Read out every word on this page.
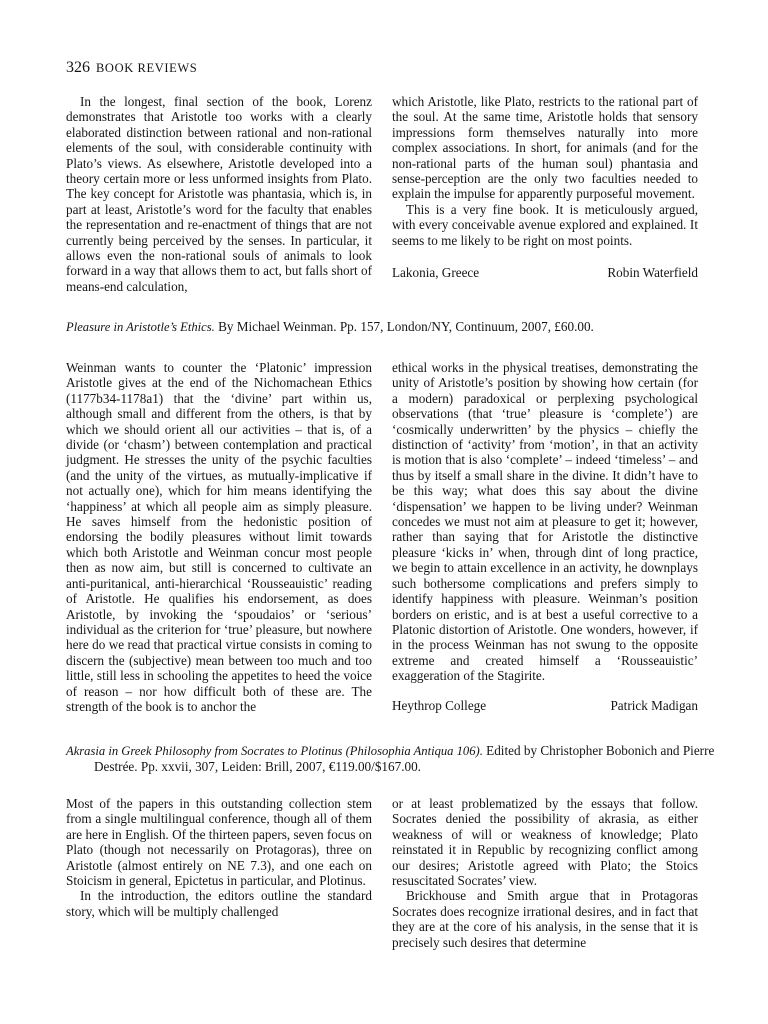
326 BOOK REVIEWS

In the longest, final section of the book, Lorenz demonstrates that Aristotle too works with a clearly elaborated distinction between rational and non-rational elements of the soul, with considerable continuity with Plato’s views. As elsewhere, Aristotle developed into a theory certain more or less unformed insights from Plato. The key concept for Aristotle was phantasia, which is, in part at least, Aristotle’s word for the faculty that enables the representation and re-enactment of things that are not currently being perceived by the senses. In particular, it allows even the non-rational souls of animals to look forward in a way that allows them to act, but falls short of means-end calculation,

which Aristotle, like Plato, restricts to the rational part of the soul. At the same time, Aristotle holds that sensory impressions form themselves naturally into more complex associations. In short, for animals (and for the non-rational parts of the human soul) phantasia and sense-perception are the only two faculties needed to explain the impulse for apparently purposeful movement.

This is a very fine book. It is meticulously argued, with every conceivable avenue explored and explained. It seems to me likely to be right on most points.

Lakonia, Greece	Robin Waterfield
Pleasure in Aristotle’s Ethics. By Michael Weinman. Pp. 157, London/NY, Continuum, 2007, £60.00.

Weinman wants to counter the ‘Platonic’ impression Aristotle gives at the end of the Nichomachean Ethics (1177b34-1178a1) that the ‘divine’ part within us, although small and different from the others, is that by which we should orient all our activities – that is, of a divide (or ‘chasm’) between contemplation and practical judgment. He stresses the unity of the psychic faculties (and the unity of the virtues, as mutually-implicative if not actually one), which for him means identifying the ‘happiness’ at which all people aim as simply pleasure. He saves himself from the hedonistic position of endorsing the bodily pleasures without limit towards which both Aristotle and Weinman concur most people then as now aim, but still is concerned to cultivate an anti-puritanical, anti-hierarchical ‘Rousseauistic’ reading of Aristotle. He qualifies his endorsement, as does Aristotle, by invoking the ‘spoudaios’ or ‘serious’ individual as the criterion for ‘true’ pleasure, but nowhere here do we read that practical virtue consists in coming to discern the (subjective) mean between too much and too little, still less in schooling the appetites to heed the voice of reason – nor how difficult both of these are. The strength of the book is to anchor the

ethical works in the physical treatises, demonstrating the unity of Aristotle’s position by showing how certain (for a modern) paradoxical or perplexing psychological observations (that ‘true’ pleasure is ‘complete’) are ‘cosmically underwritten’ by the physics – chiefly the distinction of ‘activity’ from ‘motion’, in that an activity is motion that is also ‘complete’ – indeed ‘timeless’ – and thus by itself a small share in the divine. It didn’t have to be this way; what does this say about the divine ‘dispensation’ we happen to be living under? Weinman concedes we must not aim at pleasure to get it; however, rather than saying that for Aristotle the distinctive pleasure ‘kicks in’ when, through dint of long practice, we begin to attain excellence in an activity, he downplays such bothersome complications and prefers simply to identify happiness with pleasure. Weinman’s position borders on eristic, and is at best a useful corrective to a Platonic distortion of Aristotle. One wonders, however, if in the process Weinman has not swung to the opposite extreme and created himself a ‘Rousseauistic’ exaggeration of the Stagirite.

Heythrop College	Patrick Madigan
Akrasia in Greek Philosophy from Socrates to Plotinus (Philosophia Antiqua 106). Edited by Christopher Bobonich and Pierre Destrée. Pp. xxvii, 307, Leiden: Brill, 2007, €119.00/$167.00.

Most of the papers in this outstanding collection stem from a single multilingual conference, though all of them are here in English. Of the thirteen papers, seven focus on Plato (though not necessarily on Protagoras), three on Aristotle (almost entirely on NE 7.3), and one each on Stoicism in general, Epictetus in particular, and Plotinus.

In the introduction, the editors outline the standard story, which will be multiply challenged

or at least problematized by the essays that follow. Socrates denied the possibility of akrasia, as either weakness of will or weakness of knowledge; Plato reinstated it in Republic by recognizing conflict among our desires; Aristotle agreed with Plato; the Stoics resuscitated Socrates’ view.

Brickhouse and Smith argue that in Protagoras Socrates does recognize irrational desires, and in fact that they are at the core of his analysis, in the sense that it is precisely such desires that determine
